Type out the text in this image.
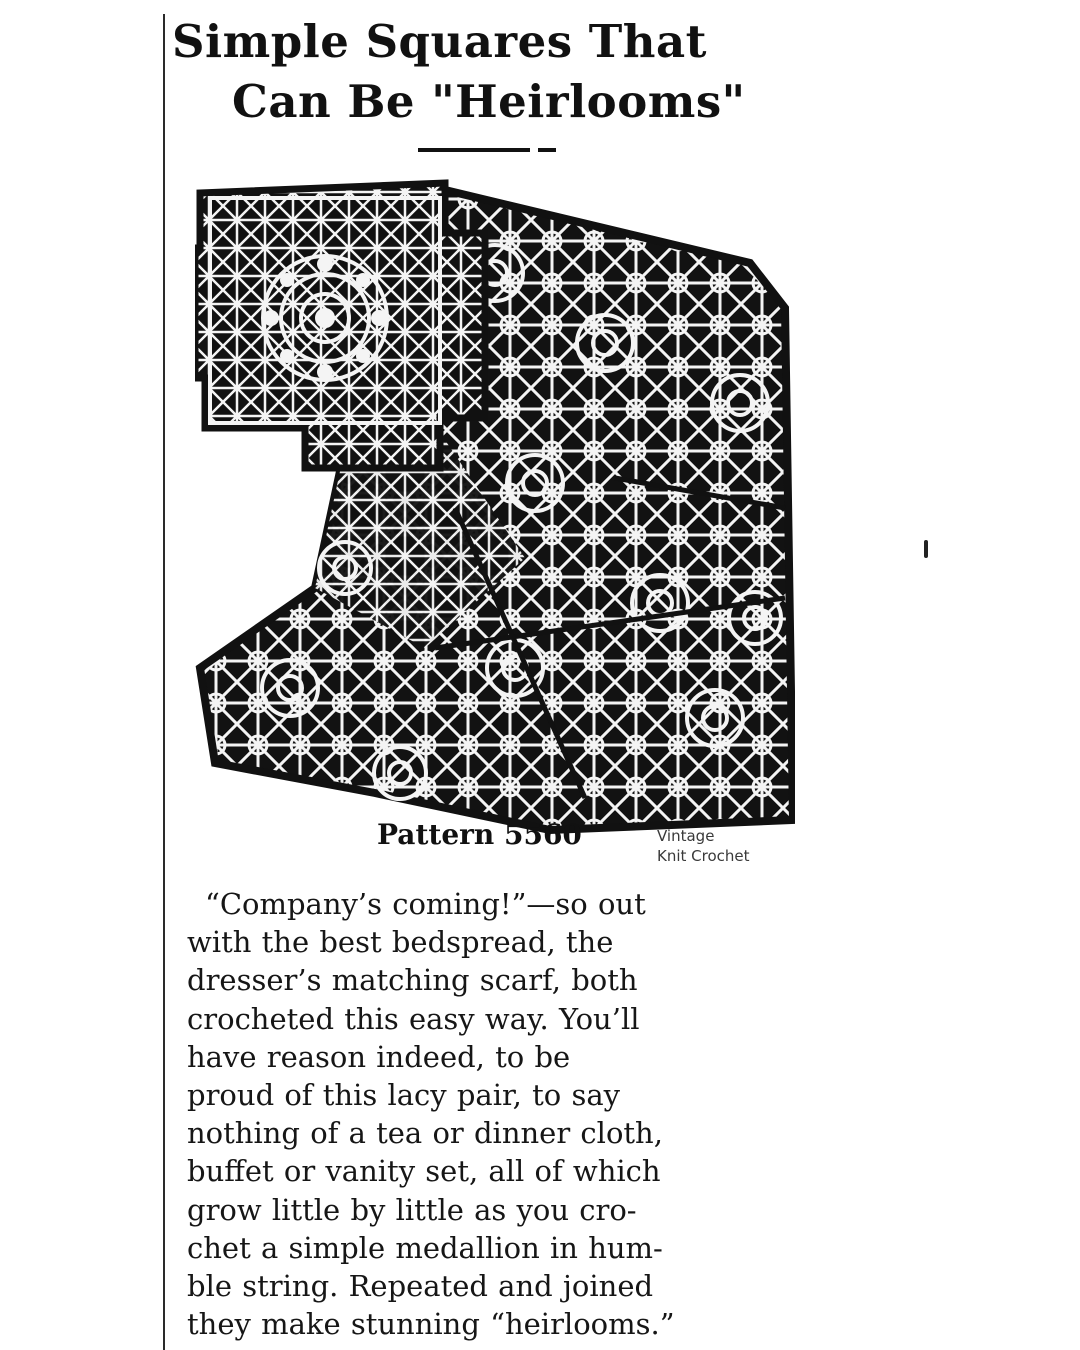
Simple Squares That
Can Be "Heirlooms"
Pattern 5560	Vintage
Knit Crochet
“Company’s coming!”—so out
with the best bedspread, the
dresser’s matching scarf, both
crocheted this easy way. You’ll
have reason indeed, to be
proud of this lacy pair, to say
nothing of a tea or dinner cloth,
buffet or vanity set, all of which
grow little by little as you cro-
chet a simple medallion in hum-
ble string. Repeated and joined
they make stunning “heirlooms.”
